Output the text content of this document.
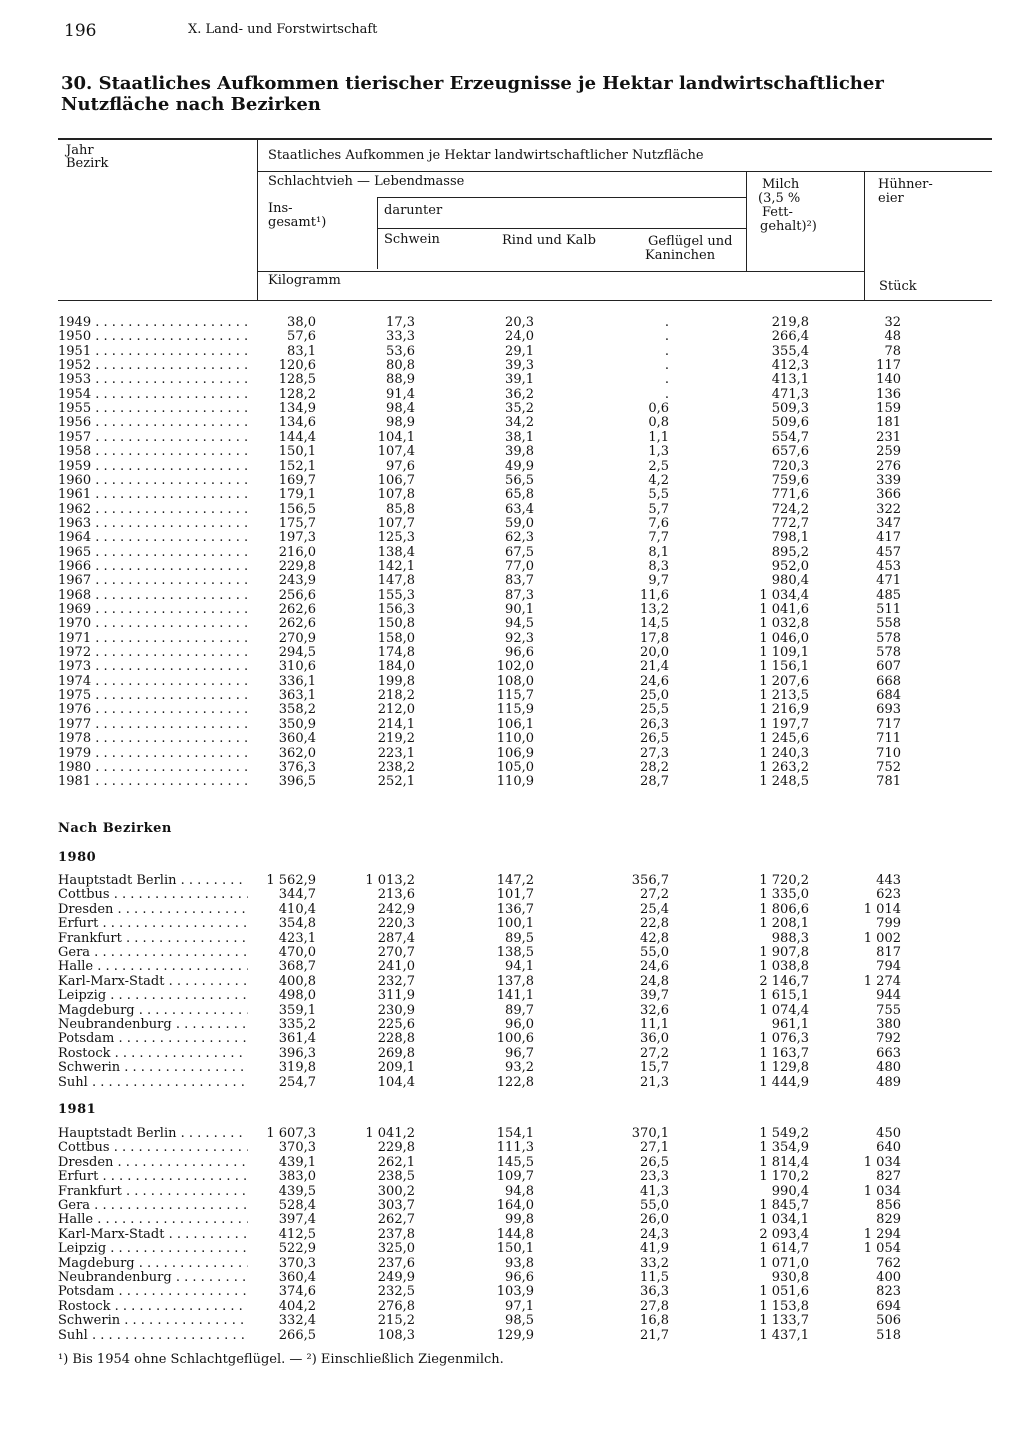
196	X. Land- und Forstwirtschaft
30. Staatliches Aufkommen tierischer Erzeugnisse je Hektar landwirtschaftlicher Nutzfläche nach Bezirken
Jahr
Bezirk
Staatliches Aufkommen je Hektar landwirtschaftlicher Nutzfläche
Schlachtvieh — Lebendmasse
Ins-
gesamt¹)
darunter
Schwein	Rind und Kalb	Geflügel und
Kaninchen
Milch
(3,5 %
Fett-
gehalt)²)
Hühner-
eier
Kilogramm	Stück
1949 . . .	38,0	17,3	20,3	.	219,8	32
1950 . . .	57,6	33,3	24,0	.	266,4	48
1951 . . .	83,1	53,6	29,1	.	355,4	78
1952 . . .	120,6	80,8	39,3	.	412,3	117
1953 . . .	128,5	88,9	39,1	.	413,1	140
1954 . . .	128,2	91,4	36,2	.	471,3	136
1955 . . .	134,9	98,4	35,2	0,6	509,3	159
1956 . . .	134,6	98,9	34,2	0,8	509,6	181
1957 . . .	144,4	104,1	38,1	1,1	554,7	231
1958 . . .	150,1	107,4	39,8	1,3	657,6	259
1959 . . .	152,1	97,6	49,9	2,5	720,3	276
1960 . . .	169,7	106,7	56,5	4,2	759,6	339
1961 . . .	179,1	107,8	65,8	5,5	771,6	366
1962 . . .	156,5	85,8	63,4	5,7	724,2	322
1963 . . .	175,7	107,7	59,0	7,6	772,7	347
1964 . . .	197,3	125,3	62,3	7,7	798,1	417
1965 . . .	216,0	138,4	67,5	8,1	895,2	457
1966 . . .	229,8	142,1	77,0	8,3	952,0	453
1967 . . .	243,9	147,8	83,7	9,7	980,4	471
1968 . . .	256,6	155,3	87,3	11,6	1 034,4	485
1969 . . .	262,6	156,3	90,1	13,2	1 041,6	511
1970 . . .	262,6	150,8	94,5	14,5	1 032,8	558
1971 . . .	270,9	158,0	92,3	17,8	1 046,0	578
1972 . . .	294,5	174,8	96,6	20,0	1 109,1	578
1973 . . .	310,6	184,0	102,0	21,4	1 156,1	607
1974 . . .	336,1	199,8	108,0	24,6	1 207,6	668
1975 . . .	363,1	218,2	115,7	25,0	1 213,5	684
1976 . . .	358,2	212,0	115,9	25,5	1 216,9	693
1977 . . .	350,9	214,1	106,1	26,3	1 197,7	717
1978 . . .	360,4	219,2	110,0	26,5	1 245,6	711
1979 . . .	362,0	223,1	106,9	27,3	1 240,3	710
1980 . . .	376,3	238,2	105,0	28,2	1 263,2	752
1981 . . .	396,5	252,1	110,9	28,7	1 248,5	781
Nach Bezirken
1980
Hauptstadt Berlin . . .	1 562,9	1 013,2	147,2	356,7	1 720,2	443
Cottbus . . .	344,7	213,6	101,7	27,2	1 335,0	623
Dresden . . .	410,4	242,9	136,7	25,4	1 806,6	1 014
Erfurt . . .	354,8	220,3	100,1	22,8	1 208,1	799
Frankfurt . . .	423,1	287,4	89,5	42,8	988,3	1 002
Gera . . .	470,0	270,7	138,5	55,0	1 907,8	817
Halle . . .	368,7	241,0	94,1	24,6	1 038,8	794
Karl-Marx-Stadt . . .	400,8	232,7	137,8	24,8	2 146,7	1 274
Leipzig . . .	498,0	311,9	141,1	39,7	1 615,1	944
Magdeburg . . .	359,1	230,9	89,7	32,6	1 074,4	755
Neubrandenburg . . .	335,2	225,6	96,0	11,1	961,1	380
Potsdam . . .	361,4	228,8	100,6	36,0	1 076,3	792
Rostock . . .	396,3	269,8	96,7	27,2	1 163,7	663
Schwerin . . .	319,8	209,1	93,2	15,7	1 129,8	480
Suhl . . .	254,7	104,4	122,8	21,3	1 444,9	489
1981
Hauptstadt Berlin . . .	1 607,3	1 041,2	154,1	370,1	1 549,2	450
Cottbus . . .	370,3	229,8	111,3	27,1	1 354,9	640
Dresden . . .	439,1	262,1	145,5	26,5	1 814,4	1 034
Erfurt . . .	383,0	238,5	109,7	23,3	1 170,2	827
Frankfurt . . .	439,5	300,2	94,8	41,3	990,4	1 034
Gera . . .	528,4	303,7	164,0	55,0	1 845,7	856
Halle . . .	397,4	262,7	99,8	26,0	1 034,1	829
Karl-Marx-Stadt . . .	412,5	237,8	144,8	24,3	2 093,4	1 294
Leipzig . . .	522,9	325,0	150,1	41,9	1 614,7	1 054
Magdeburg . . .	370,3	237,6	93,8	33,2	1 071,0	762
Neubrandenburg . . .	360,4	249,9	96,6	11,5	930,8	400
Potsdam . . .	374,6	232,5	103,9	36,3	1 051,6	823
Rostock . . .	404,2	276,8	97,1	27,8	1 153,8	694
Schwerin . . .	332,4	215,2	98,5	16,8	1 133,7	506
Suhl . . .	266,5	108,3	129,9	21,7	1 437,1	518
¹) Bis 1954 ohne Schlachtgeflügel. — ²) Einschließlich Ziegenmilch.
